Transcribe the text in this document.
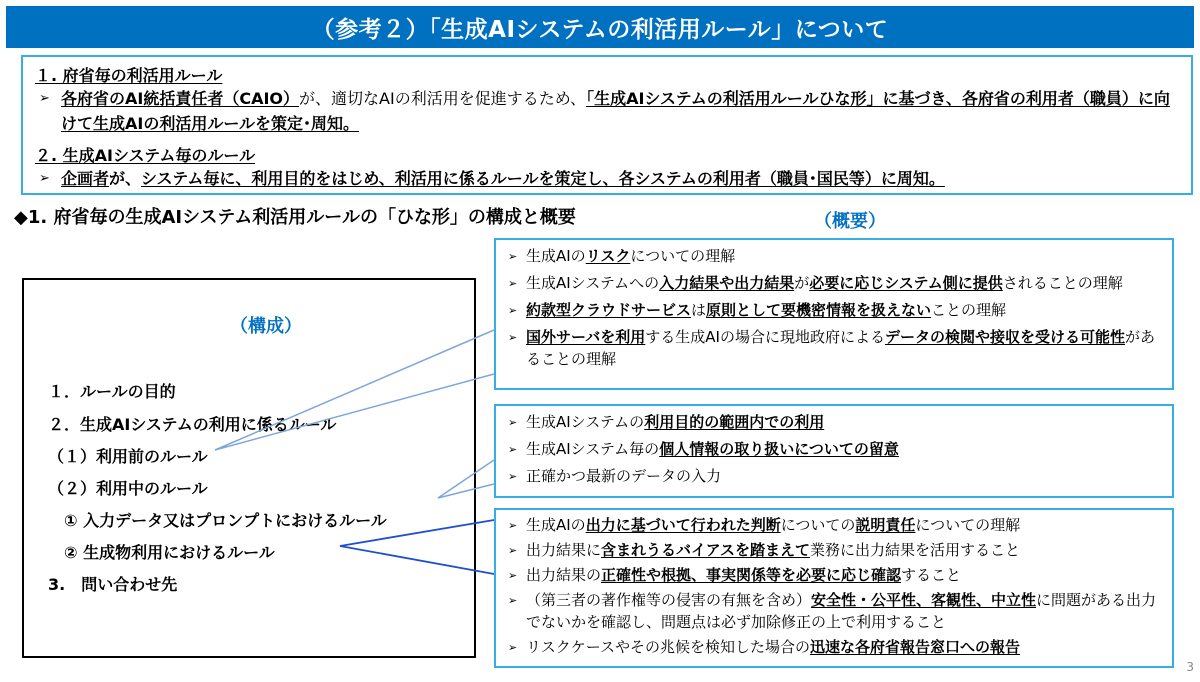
（参考２）「生成AIシステムの利活用ルール」について
１. 府省毎の利活用ルール
➢ 各府省のAI統括責任者（CAIO）が、適切なAIの利活用を促進するため、「生成AIシステムの利活用ルールひな形」に基づき、各府省の利用者（職員）に向けて生成AIの利活用ルールを策定･周知。
２. 生成AIシステム毎のルール
➢ 企画者が、システム毎に、利用目的をはじめ、利活用に係るルールを策定し、各システムの利用者（職員･国民等）に周知。
◆1. 府省毎の生成AIシステム利活用ルールの「ひな形」の構成と概要	（概要）
（構成）
１．ルールの目的
２．生成AIシステムの利用に係るルール
（１）利用前のルール
（２）利用中のルール
① 入力データ又はプロンプトにおけるルール
② 生成物利用におけるルール
3.　問い合わせ先
➢ 生成AIのリスクについての理解
➢ 生成AIシステムへの入力結果や出力結果が必要に応じシステム側に提供されることの理解
➢ 約款型クラウドサービスは原則として要機密情報を扱えないことの理解
➢ 国外サーバを利用する生成AIの場合に現地政府によるデータの検閲や接収を受ける可能性があることの理解
➢ 生成AIシステムの利用目的の範囲内での利用
➢ 生成AIシステム毎の個人情報の取り扱いについての留意
➢ 正確かつ最新のデータの入力
➢ 生成AIの出力に基づいて行われた判断についての説明責任についての理解
➢ 出力結果に含まれうるバイアスを踏まえて業務に出力結果を活用すること
➢ 出力結果の正確性や根拠、事実関係等を必要に応じ確認すること
➢ （第三者の著作権等の侵害の有無を含め）安全性・公平性、客観性、中立性に問題がある出力でないかを確認し、問題点は必ず加除修正の上で利用すること
➢ リスクケースやその兆候を検知した場合の迅速な各府省報告窓口への報告
3
